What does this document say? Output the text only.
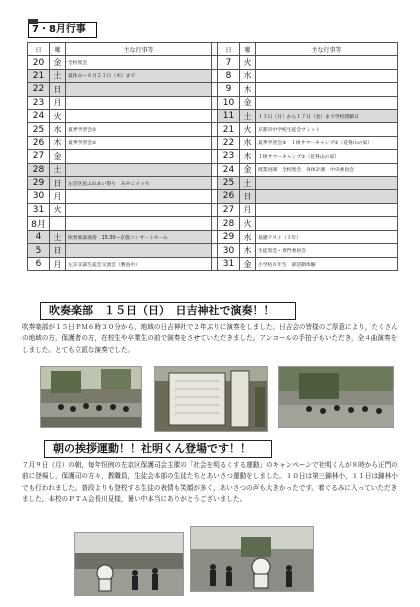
7・8月行事
日	曜	主な行事等		日	曜	主な行事等
20	金	全校集会		7	火	
21	土	夏休み〜８月２３日（木）まで		8	水	
22	日			9	木	
23	月			10	金	
24	火			11	土	１３日（月）から１７日（金）まで学校閉鎖日
25	水	夏季学習会①		21	火	京都市中学校生徒会サミット
26	木	夏季学習会②		22	水	夏季学習会③　１組サマーキャンプ①（花脊山の家）
27	金			23	木	１組サマーキャンプ②（花脊山の家）
28	土			24	金	授業再開　全校集会　身体計測　中央委員会
29	日	左京区民ふれあい祭り　みやこメッセ		25	土	
30	月			26	日	
31	火			27	月	
8月				28	火	
4	土	吹奏楽部演奏　15:30〜京都コンサートホール		29	水	基礎テスト（３年）
5	日			30	木	生徒集会・専門委員会
6	月	左京支部生徒会交流会（敷島中）		31	金	小学校６年生　部活動体験
吹奏楽部　１５日（日）　日吉神社で演奏！！
吹奏楽部が１５日ＰＭ６時３０分から，地域の日吉神社で２年ぶりに演奏をしました。日吉会の皆様のご厚意により，たくさんの地域の方，保護者の方，在校生や卒業生の前で演奏をさせていただきました。アンコールの手拍子もいただき，全４曲演奏をしました。とても立派な演奏でした。
朝の挨拶運動！！社明くん登場です！！
７月９日（月）の朝，毎年恒例の左京区保護司会主催の「社会を明るくする運動」のキャンペーンで社明くんが８時から正門の前に登場し，保護司の方々，教職員，生徒会本部の生徒たちとあいさつ運動をしました。１０日は第三錦林小，１１日は錦林小でも行われました。普段よりも登校する生徒の表情も笑顔が多く，あいさつの声も大きかったです。着ぐるみに入っていただきました，本校のＰＴＡ会長川見様，暑い中本当にありがとうございました。
